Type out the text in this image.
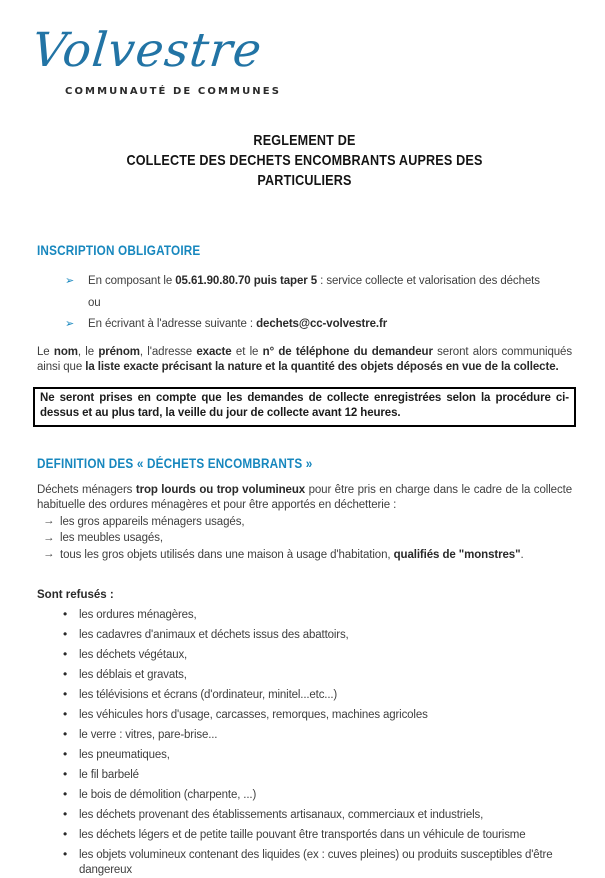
Volvestre
COMMUNAUTÉ DE COMMUNES
REGLEMENT DE
COLLECTE DES DECHETS ENCOMBRANTS AUPRES DES PARTICULIERS
INSCRIPTION OBLIGATOIRE
➢ En composant le 05.61.90.80.70 puis taper 5 : service collecte et valorisation des déchets
ou
➢ En écrivant à l'adresse suivante : dechets@cc-volvestre.fr

Le nom, le prénom, l'adresse exacte et le n° de téléphone du demandeur seront alors communiqués ainsi que la liste exacte précisant la nature et la quantité des objets déposés en vue de la collecte.

Ne seront prises en compte que les demandes de collecte enregistrées selon la procédure ci-dessus et au plus tard, la veille du jour de collecte avant 12 heures.
DEFINITION DES « DÉCHETS ENCOMBRANTS »

Déchets ménagers trop lourds ou trop volumineux pour être pris en charge dans le cadre de la collecte habituelle des ordures ménagères et pour être apportés en déchetterie :

→ les gros appareils ménagers usagés,
→ les meubles usagés,
→ tous les gros objets utilisés dans une maison à usage d'habitation, qualifiés de "monstres".

Sont refusés :

• les ordures ménagères,
• les cadavres d'animaux et déchets issus des abattoirs,
• les déchets végétaux,
• les déblais et gravats,
• les télévisions et écrans (d'ordinateur, minitel...etc...)
• les véhicules hors d'usage, carcasses, remorques, machines agricoles
• le verre : vitres, pare-brise...
• les pneumatiques,
• le fil barbelé
• le bois de démolition (charpente, ...)
• les déchets provenant des établissements artisanaux, commerciaux et industriels,
• les déchets légers et de petite taille pouvant être transportés dans un véhicule de tourisme
• les objets volumineux contenant des liquides (ex : cuves pleines) ou produits susceptibles d'être dangereux
